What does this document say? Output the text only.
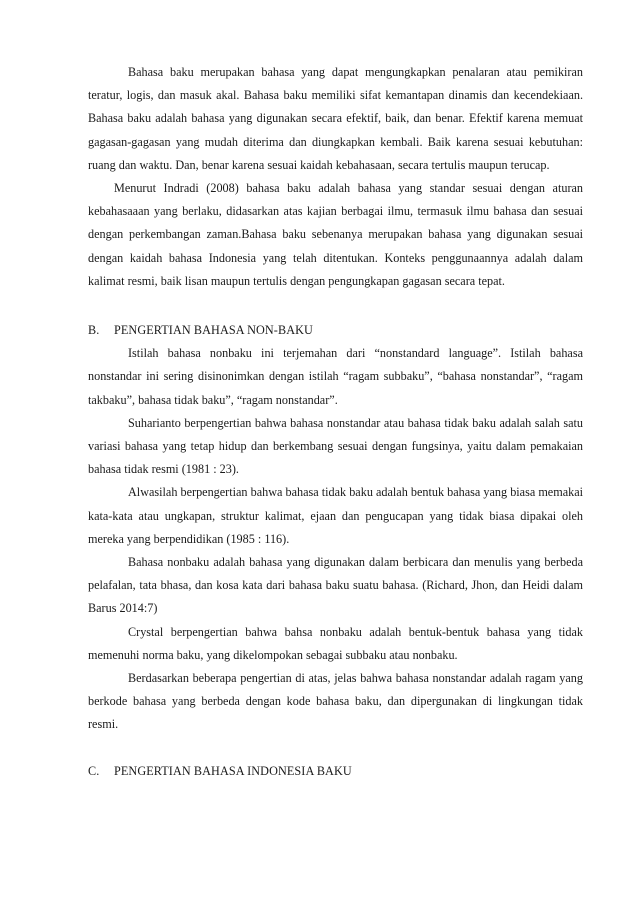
Bahasa baku merupakan bahasa yang dapat mengungkapkan penalaran atau pemikiran teratur, logis, dan masuk akal. Bahasa baku memiliki sifat kemantapan dinamis dan kecendekiaan. Bahasa baku adalah bahasa yang digunakan secara efektif, baik, dan benar. Efektif karena memuat gagasan-gagasan yang mudah diterima dan diungkapkan kembali. Baik karena sesuai kebutuhan: ruang dan waktu. Dan, benar karena sesuai kaidah kebahasaan, secara tertulis maupun terucap.

Menurut Indradi (2008) bahasa baku adalah bahasa yang standar sesuai dengan aturan kebahasaaan yang berlaku, didasarkan atas kajian berbagai ilmu, termasuk ilmu bahasa dan sesuai dengan perkembangan zaman.Bahasa baku sebenanya merupakan bahasa yang digunakan sesuai dengan kaidah bahasa Indonesia yang telah ditentukan. Konteks penggunaannya adalah dalam kalimat resmi, baik lisan maupun tertulis dengan pengungkapan gagasan secara tepat.

B. PENGERTIAN BAHASA NON-BAKU

Istilah bahasa nonbaku ini terjemahan dari “nonstandard language”. Istilah bahasa nonstandar ini sering disinonimkan dengan istilah “ragam subbaku”, “bahasa nonstandar”, “ragam takbaku”, bahasa tidak baku”, “ragam nonstandar”.

Suharianto berpengertian bahwa bahasa nonstandar atau bahasa tidak baku adalah salah satu variasi bahasa yang tetap hidup dan berkembang sesuai dengan fungsinya, yaitu dalam pemakaian bahasa tidak resmi (1981 : 23).

Alwasilah berpengertian bahwa bahasa tidak baku adalah bentuk bahasa yang biasa memakai kata-kata atau ungkapan, struktur kalimat, ejaan dan pengucapan yang tidak biasa dipakai oleh mereka yang berpendidikan (1985 : 116).

Bahasa nonbaku adalah bahasa yang digunakan dalam berbicara dan menulis yang berbeda pelafalan, tata bhasa, dan kosa kata dari bahasa baku suatu bahasa. (Richard, Jhon, dan Heidi dalam Barus 2014:7)

Crystal berpengertian bahwa bahsa nonbaku adalah bentuk-bentuk bahasa yang tidak memenuhi norma baku, yang dikelompokan sebagai subbaku atau nonbaku.

Berdasarkan beberapa pengertian di atas, jelas bahwa bahasa nonstandar adalah ragam yang berkode bahasa yang berbeda dengan kode bahasa baku, dan dipergunakan di lingkungan tidak resmi.

C. PENGERTIAN BAHASA INDONESIA BAKU
